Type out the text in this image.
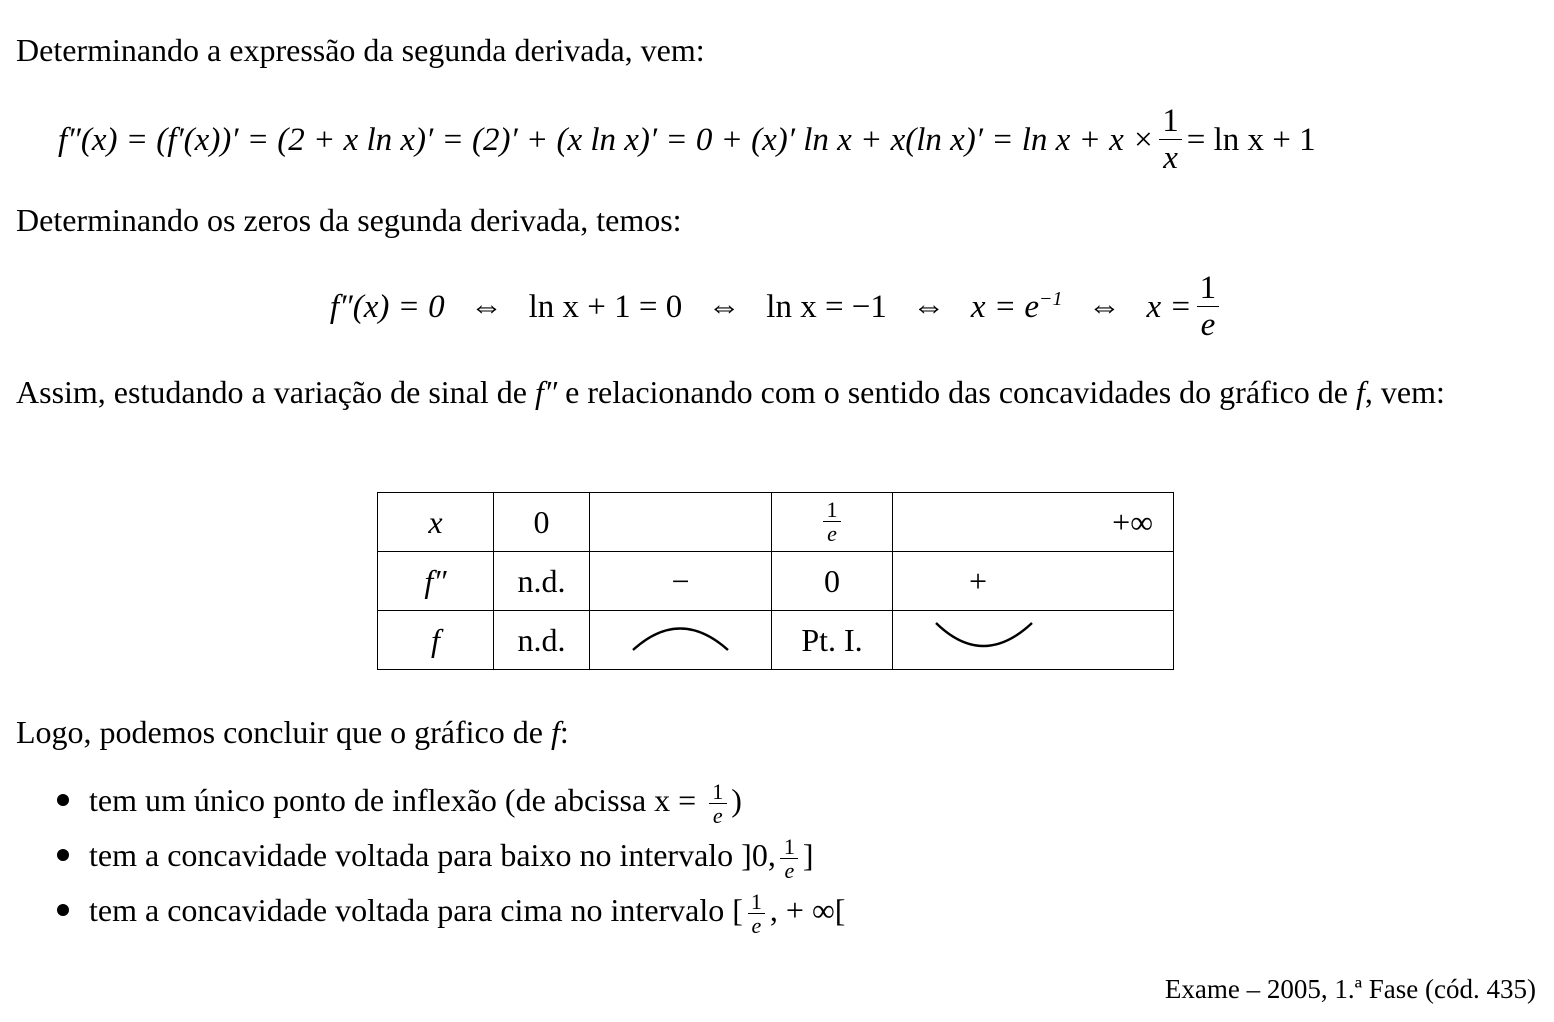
Determinando a expressão da segunda derivada, vem:
f″(x) = (f′(x))′ = (2 + x ln x)′ = (2)′ + (x ln x)′ = 0 + (x)′ ln x + x(ln $x)' = \ln x + x \times \frac{1}{x} = \ln x + 1$
Determinando os zeros da segunda derivada, temos:
f″(x) = 0 ⇔ ln x + 1 = 0 ⇔ ln x = −1 ⇔ $x = e^{-1}$ ⇔ $x = \frac{1}{e}$
Assim, estudando a variação de sinal de f″ e relacionando com o sentido das concavidades do gráfico de f, vem:
x	0		$\frac{1}{e}$	+∞
f″	n.d.	−	0	+
f	n.d.		Pt. I.	
Logo, podemos concluir que o gráfico de f:
tem um único ponto de inflexão (de abcissa $x = \frac{1}{e}$ )
tem a concavidade voltada para baixo no intervalo ]0, $\frac{1}{e}$ ]
tem a concavidade voltada para cima no intervalo [ $\frac{1}{e}$ , + ∞[
Exame – 2005, 1.ª Fase (cód. 435)
